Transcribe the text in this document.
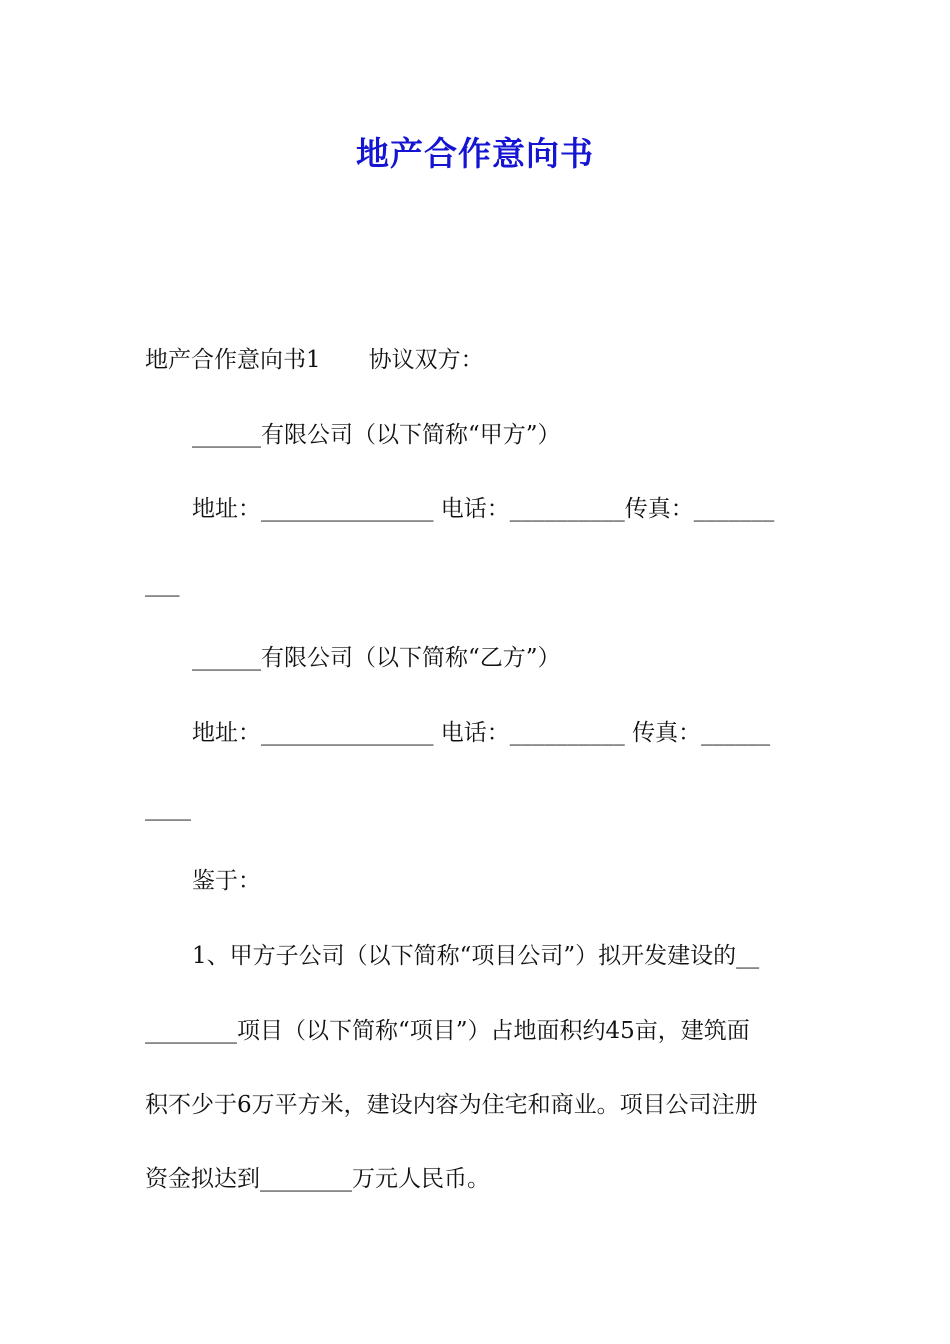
地产合作意向书
地产合作意向书1 协议双方：
______有限公司（以下简称“甲方”）
地址：_______________ 电话：__________传真：_______
___
______有限公司（以下简称“乙方”）
地址：_______________ 电话：__________ 传真：______
____
鉴于：
1、甲方子公司（以下简称“项目公司”）拟开发建设的__
________项目（以下简称“项目”）占地面积约45亩，建筑面
积不少于6万平方米，建设内容为住宅和商业。项目公司注册
资金拟达到________万元人民币。
